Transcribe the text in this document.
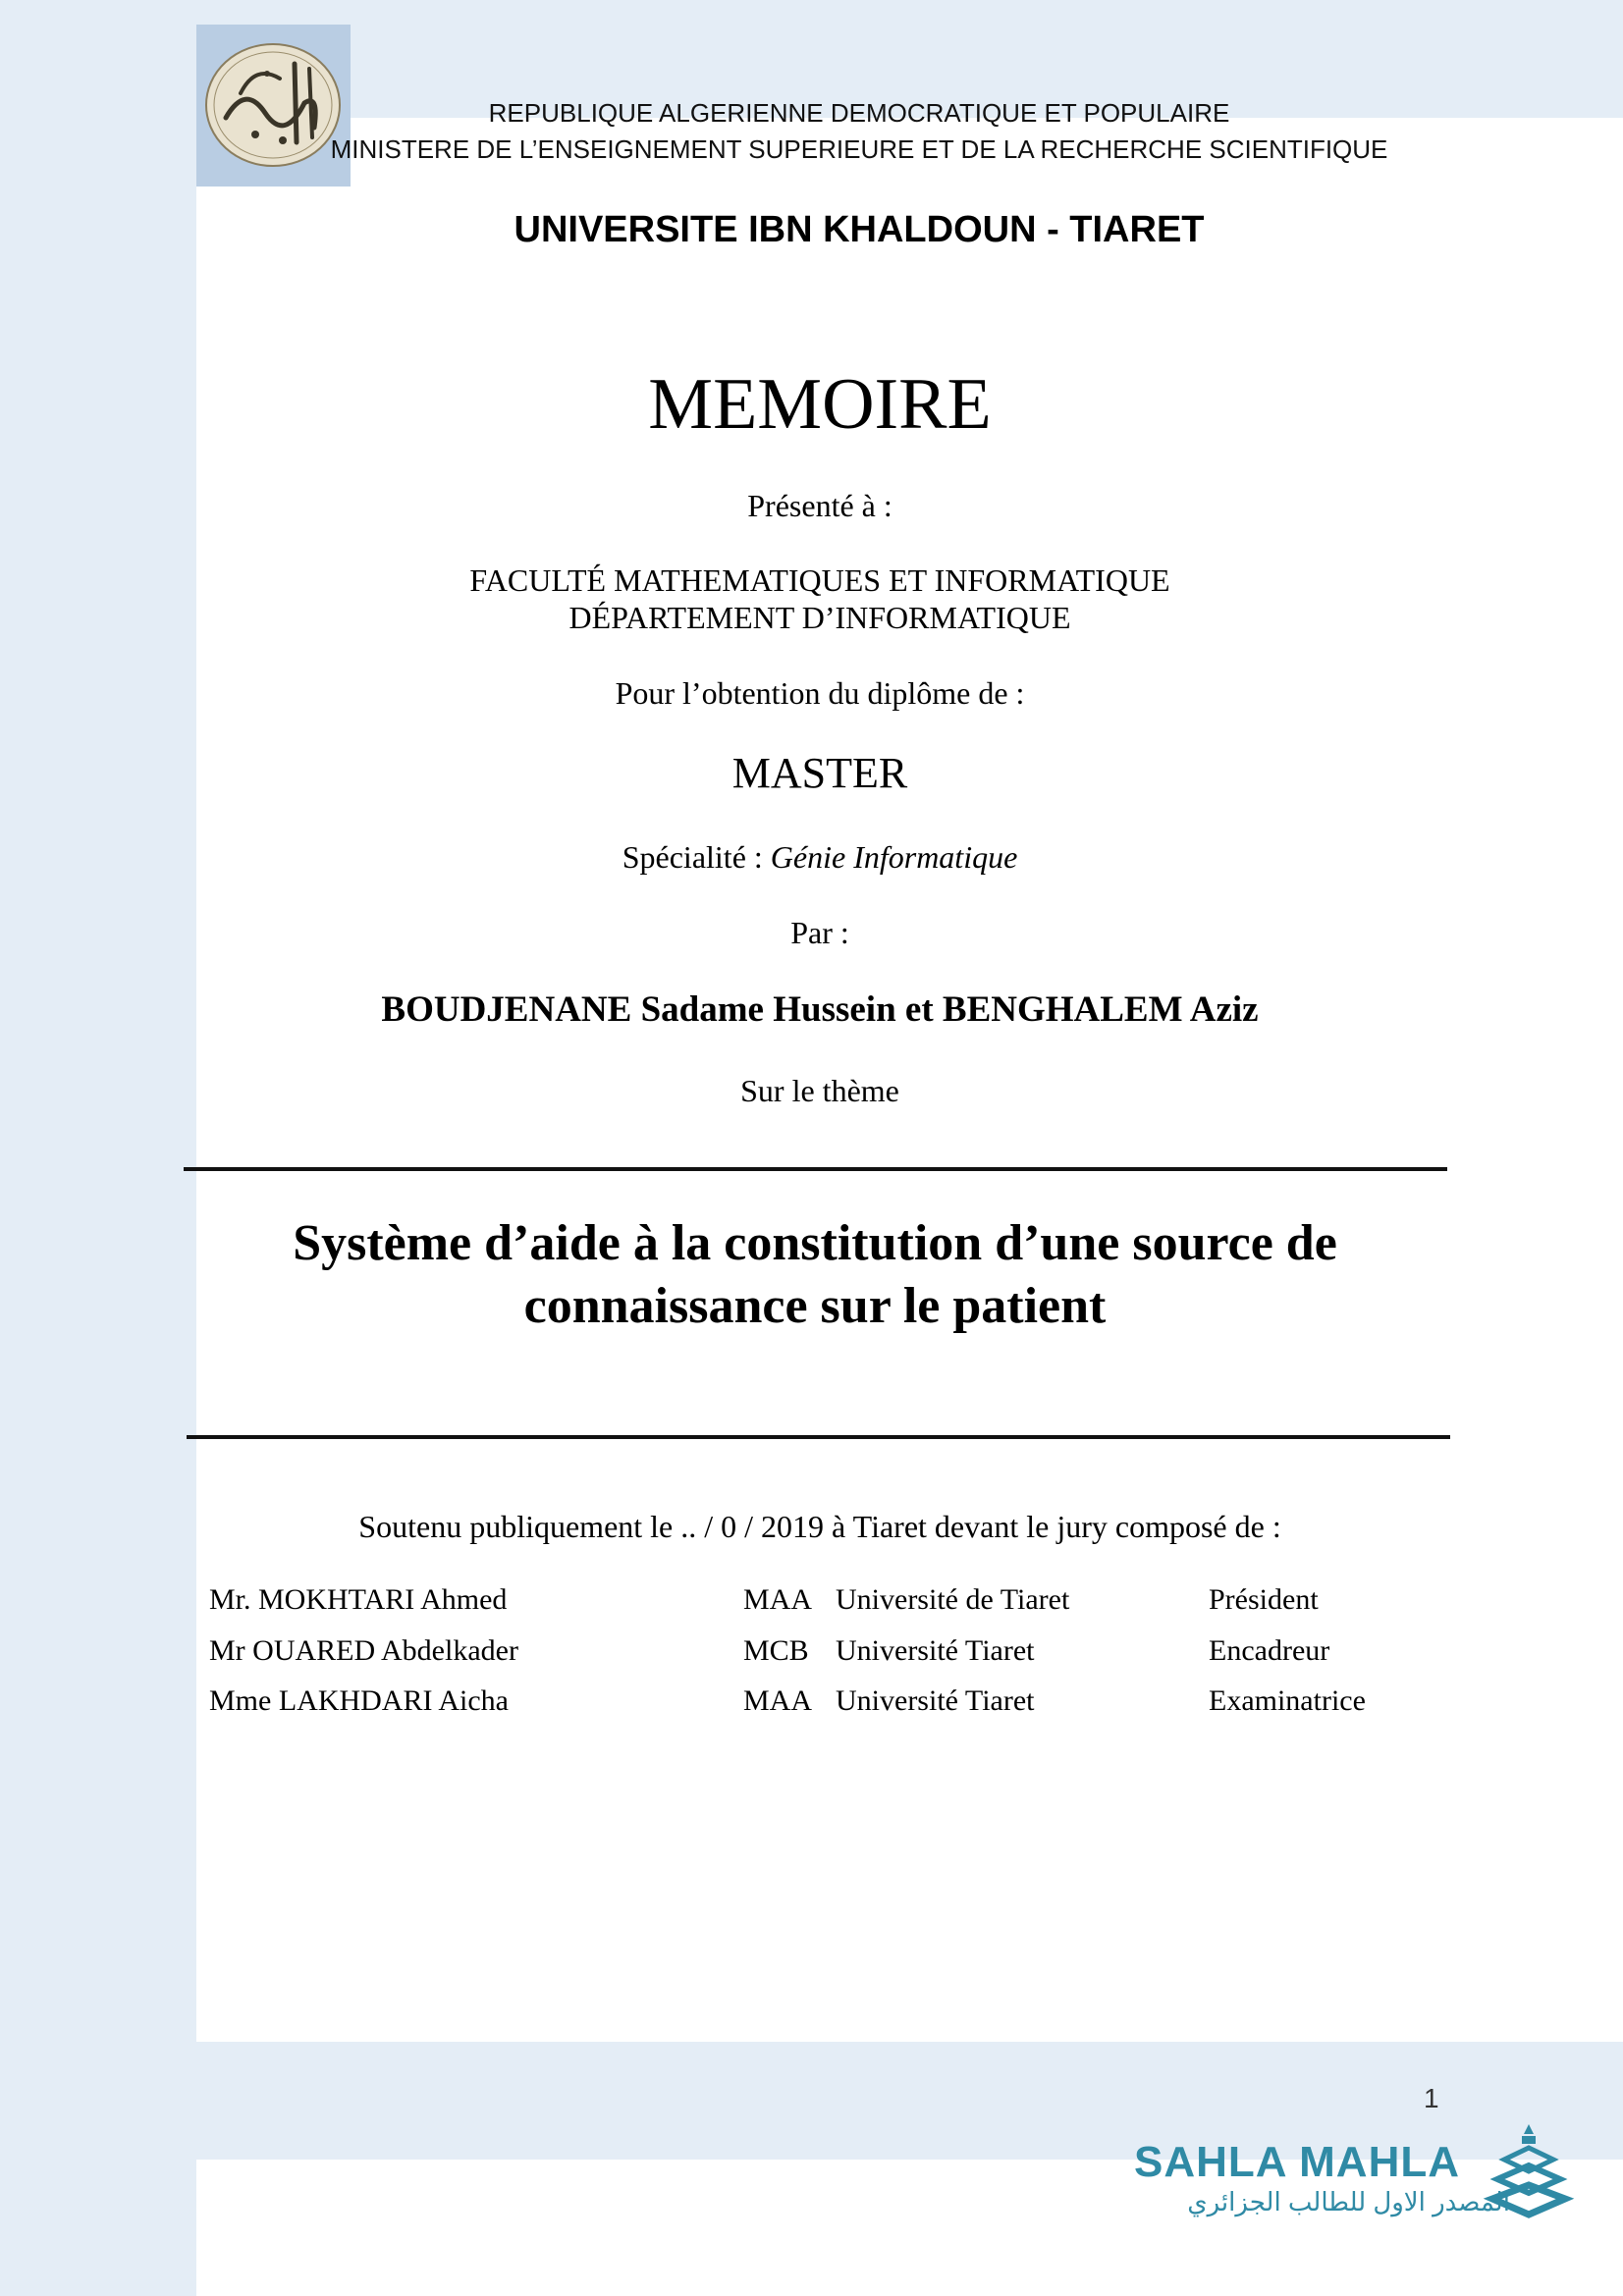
REPUBLIQUE ALGERIENNE DEMOCRATIQUE ET POPULAIRE
MINISTERE DE L’ENSEIGNEMENT SUPERIEURE ET DE LA RECHERCHE SCIENTIFIQUE
UNIVERSITE IBN KHALDOUN - TIARET
MEMOIRE
Présenté à :
FACULTÉ MATHEMATIQUES ET INFORMATIQUE
DÉPARTEMENT D’INFORMATIQUE
Pour l’obtention du diplôme de :
MASTER
Spécialité : Génie Informatique
Par :
BOUDJENANE Sadame Hussein et BENGHALEM Aziz
Sur le thème
Système d’aide à la constitution d’une source de
connaissance sur le patient
Soutenu publiquement le .. / 0 / 2019 à Tiaret devant le jury composé de :
Mr. MOKHTARI Ahmed	MAA Université de Tiaret	Président
Mr OUARED Abdelkader	MCB Université Tiaret	Encadreur
Mme LAKHDARI Aicha	MAA Université Tiaret	Examinatrice
1
SAHLA MAHLA
المصدر الاول للطالب الجزائري
